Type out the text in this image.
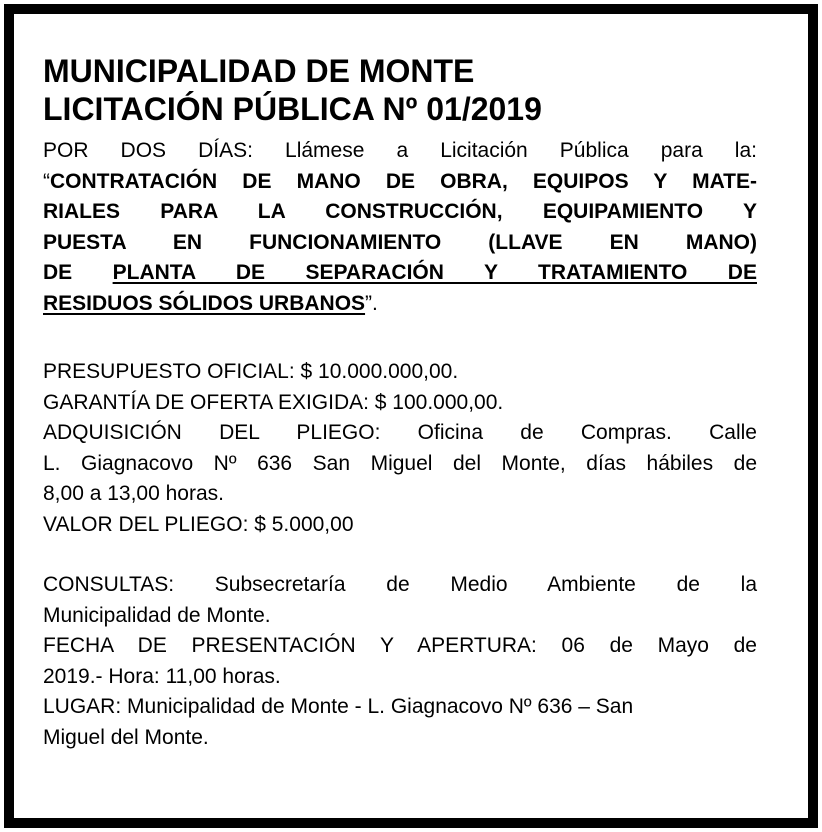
MUNICIPALIDAD DE MONTE
LICITACIÓN PÚBLICA Nº 01/2019
POR DOS DÍAS: Llámese a Licitación Pública para la:
“CONTRATACIÓN DE MANO DE OBRA, EQUIPOS Y MATE-
RIALES PARA LA CONSTRUCCIÓN, EQUIPAMIENTO Y
PUESTA EN FUNCIONAMIENTO (LLAVE EN MANO)
DE PLANTA DE SEPARACIÓN Y TRATAMIENTO DE
RESIDUOS SÓLIDOS URBANOS”.
PRESUPUESTO OFICIAL: $ 10.000.000,00.
GARANTÍA DE OFERTA EXIGIDA: $ 100.000,00.
ADQUISICIÓN DEL PLIEGO: Oficina de Compras. Calle
L. Giagnacovo Nº 636 San Miguel del Monte, días hábiles de
8,00 a 13,00 horas.
VALOR DEL PLIEGO: $ 5.000,00
CONSULTAS: Subsecretaría de Medio Ambiente de la
Municipalidad de Monte.
FECHA DE PRESENTACIÓN Y APERTURA: 06 de Mayo de
2019.- Hora: 11,00 horas.
LUGAR: Municipalidad de Monte - L. Giagnacovo Nº 636 – San
Miguel del Monte.
